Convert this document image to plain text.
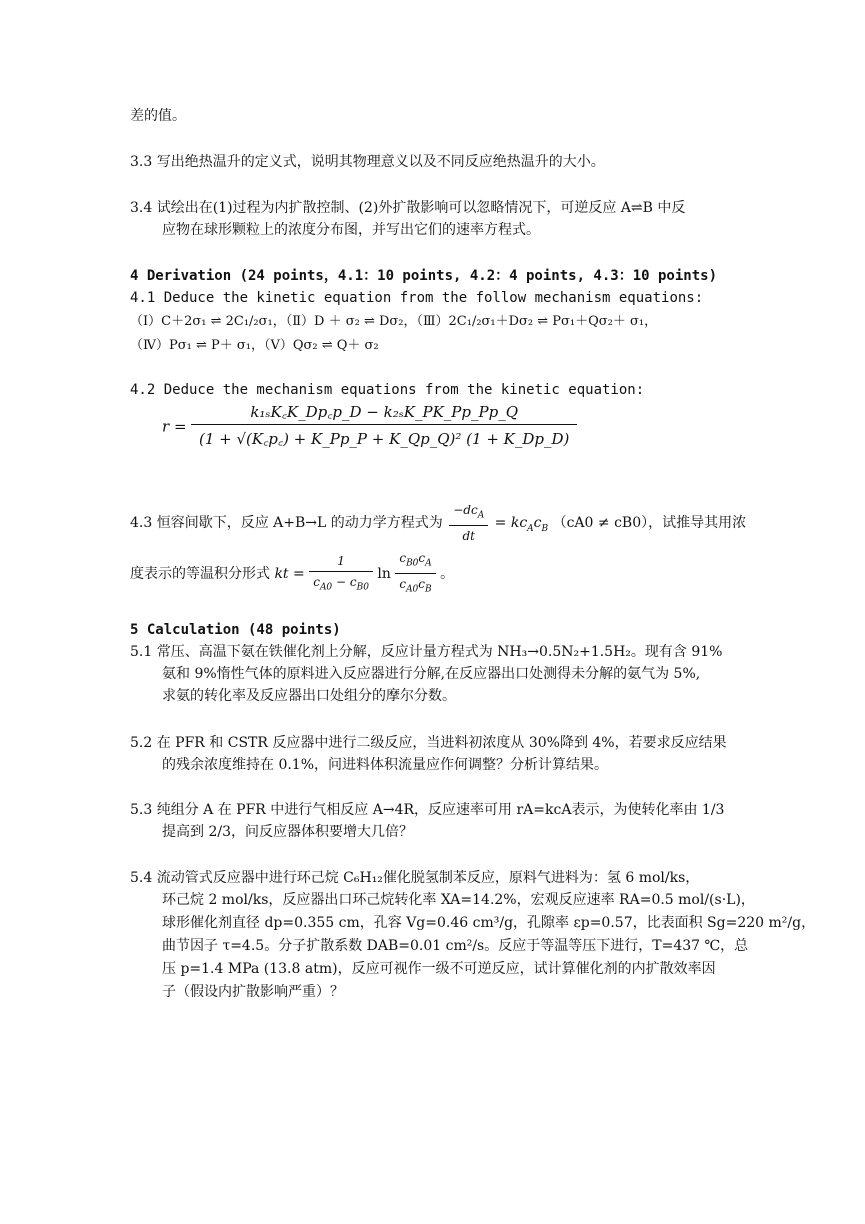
差的值。
3.3 写出绝热温升的定义式，说明其物理意义以及不同反应绝热温升的大小。
3.4 试绘出在(1)过程为内扩散控制、(2)外扩散影响可以忽略情况下，可逆反应 A⇌B 中反
应物在球形颗粒上的浓度分布图，并写出它们的速率方程式。
4 Derivation (24 points，4.1：10 points, 4.2：4 points, 4.3：10 points)
4.1 Deduce the kinetic equation from the follow mechanism equations:
（Ⅰ）C＋2σ₁ ⇌ 2C₁/₂σ₁，（Ⅱ）D ＋ σ₂ ⇌ Dσ₂，（Ⅲ）2C₁/₂σ₁＋Dσ₂ ⇌ Pσ₁＋Qσ₂＋ σ₁，
（Ⅳ）Pσ₁ ⇌ P＋ σ₁，（Ⅴ）Qσ₂ ⇌ Q＋ σ₂
4.2 Deduce the mechanism equations from the kinetic equation:
$r = \frac{\text{k₁ₛK꜀K\_Dp꜀p\_D − k₂ₛK\_PK\_Pp\_Pp\_Q}}{\text{(1 + √(K꜀p꜀) + K\_Pp\_P + K\_Qp\_Q)² (1 + K\_Dp\_D)}}$
4.3 恒容间歇下，反应 A+B→L 的动力学方程式为 $\frac{-dc_A}{dt} = kc_Ac_B$ （cA0 ≠ cB0），试推导其用浓
度表示的等温积分形式 kt = $\frac{1}{c_{A0} - c_{B0}}$ $\ln \frac{c_{B0}c_A}{c_{A0}c_B}$ 。
5 Calculation (48 points)
5.1 常压、高温下氨在铁催化剂上分解，反应计量方程式为 NH₃→0.5N₂+1.5H₂。现有含 91%
氨和 9%惰性气体的原料进入反应器进行分解,在反应器出口处测得未分解的氨气为 5%,
求氨的转化率及反应器出口处组分的摩尔分数。
5.2 在 PFR 和 CSTR 反应器中进行二级反应，当进料初浓度从 30%降到 4%，若要求反应结果
的残余浓度维持在 0.1%，问进料体积流量应作何调整？分析计算结果。
5.3 纯组分 A 在 PFR 中进行气相反应 A→4R，反应速率可用 rA=kcA表示，为使转化率由 1/3
提高到 2/3，问反应器体积要增大几倍？
5.4 流动管式反应器中进行环己烷 C₆H₁₂催化脱氢制苯反应，原料气进料为：氢 6 mol/ks，
环己烷 2 mol/ks，反应器出口环己烷转化率 XA=14.2%，宏观反应速率 RA=0.5 mol/(s·L)，
球形催化剂直径 dp=0.355 cm，孔容 Vg=0.46 cm³/g，孔隙率 εp=0.57，比表面积 Sg=220 m²/g，
曲节因子 τ=4.5。分子扩散系数 DAB=0.01 cm²/s。反应于等温等压下进行，T=437 ℃，总
压 p=1.4 MPa (13.8 atm)，反应可视作一级不可逆反应，试计算催化剂的内扩散效率因
子（假设内扩散影响严重）？
